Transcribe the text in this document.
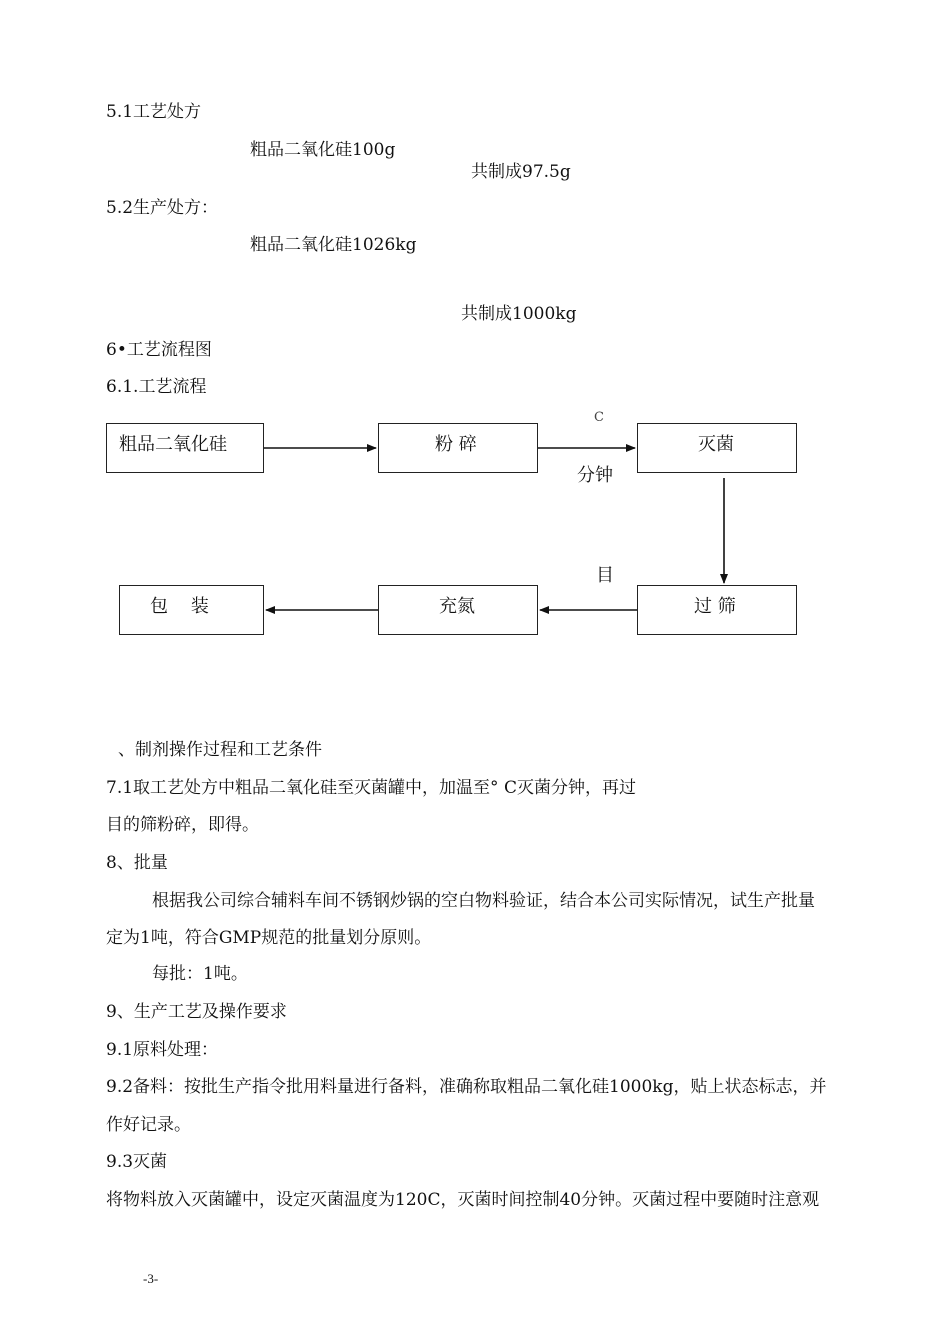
5.1工艺处方
粗品二氧化硅100g
共制成97.5g
5.2生产处方：
粗品二氧化硅1026kg
共制成1000kg
6•工艺流程图
6.1.工艺流程
粗品二氧化硅	粉 碎	灭菌
过 筛
充氮
包    装
C
分钟
目
、制剂操作过程和工艺条件
7.1取工艺处方中粗品二氧化硅至灭菌罐中，加温至° C灭菌分钟，再过
目的筛粉碎，即得。
8、批量
根据我公司综合辅料车间不锈钢炒锅的空白物料验证，结合本公司实际情况，试生产批量
定为1吨，符合GMP规范的批量划分原则。
每批：1吨。
9、生产工艺及操作要求
9.1原料处理：
9.2备料：按批生产指令批用料量进行备料，准确称取粗品二氧化硅1000kg，贴上状态标志，并
作好记录。
9.3灭菌
将物料放入灭菌罐中，设定灭菌温度为120C，灭菌时间控制40分钟。灭菌过程中要随时注意观
-3-
